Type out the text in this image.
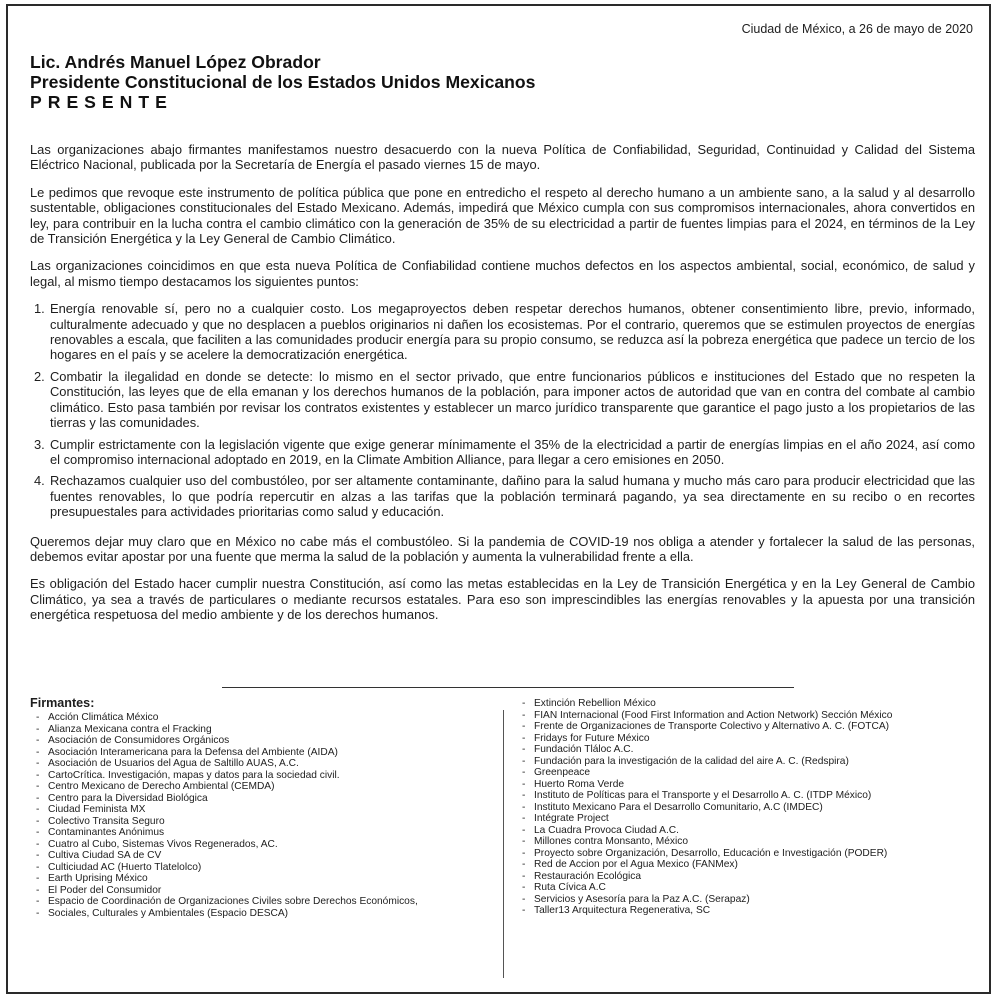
Ciudad de México, a 26 de mayo de 2020
Lic. Andrés Manuel López Obrador
Presidente Constitucional de los Estados Unidos Mexicanos
PRESENTE

Las organizaciones abajo firmantes manifestamos nuestro desacuerdo con la nueva Política de Confiabilidad, Seguridad, Continuidad y Calidad del Sistema Eléctrico Nacional, publicada por la Secretaría de Energía el pasado viernes 15 de mayo.

Le pedimos que revoque este instrumento de política pública que pone en entredicho el respeto al derecho humano a un ambiente sano, a la salud y al desarrollo sustentable, obligaciones constitucionales del Estado Mexicano. Además, impedirá que México cumpla con sus compromisos internacionales, ahora convertidos en ley, para contribuir en la lucha contra el cambio climático con la generación de 35% de su electricidad a partir de fuentes limpias para el 2024, en términos de la Ley de Transición Energética y la Ley General de Cambio Climático.

Las organizaciones coincidimos en que esta nueva Política de Confiabilidad contiene muchos defectos en los aspectos ambiental, social, económico, de salud y legal, al mismo tiempo destacamos los siguientes puntos:

1. Energía renovable sí, pero no a cualquier costo. Los megaproyectos deben respetar derechos humanos, obtener consentimiento libre, previo, informado, culturalmente adecuado y que no desplacen a pueblos originarios ni dañen los ecosistemas. Por el contrario, queremos que se estimulen proyectos de energías renovables a escala, que faciliten a las comunidades producir energía para su propio consumo, se reduzca así la pobreza energética que padece un tercio de los hogares en el país y se acelere la democratización energética.
2. Combatir la ilegalidad en donde se detecte: lo mismo en el sector privado, que entre funcionarios públicos e instituciones del Estado que no respeten la Constitución, las leyes que de ella emanan y los derechos humanos de la población, para imponer actos de autoridad que van en contra del combate al cambio climático. Esto pasa también por revisar los contratos existentes y establecer un marco jurídico transparente que garantice el pago justo a los propietarios de las tierras y las comunidades.
3. Cumplir estrictamente con la legislación vigente que exige generar mínimamente el 35% de la electricidad a partir de energías limpias en el año 2024, así como el compromiso internacional adoptado en 2019, en la Climate Ambition Alliance, para llegar a cero emisiones en 2050.
4. Rechazamos cualquier uso del combustóleo, por ser altamente contaminante, dañino para la salud humana y mucho más caro para producir electricidad que las fuentes renovables, lo que podría repercutir en alzas a las tarifas que la población terminará pagando, ya sea directamente en su recibo o en recortes presupuestales para actividades prioritarias como salud y educación.

Queremos dejar muy claro que en México no cabe más el combustóleo. Si la pandemia de COVID-19 nos obliga a atender y fortalecer la salud de las personas, debemos evitar apostar por una fuente que merma la salud de la población y aumenta la vulnerabilidad frente a ella.

Es obligación del Estado hacer cumplir nuestra Constitución, así como las metas establecidas en la Ley de Transición Energética y en la Ley General de Cambio Climático, ya sea a través de particulares o mediante recursos estatales. Para eso son imprescindibles las energías renovables y la apuesta por una transición energética respetuosa del medio ambiente y de los derechos humanos.

Firmantes:
- Acción Climática México
- Alianza Mexicana contra el Fracking
- Asociación de Consumidores Orgánicos
- Asociación Interamericana para la Defensa del Ambiente (AIDA)
- Asociación de Usuarios del Agua de Saltillo AUAS, A.C.
- CartoCrítica. Investigación, mapas y datos para la sociedad civil.
- Centro Mexicano de Derecho Ambiental (CEMDA)
- Centro para la Diversidad Biológica
- Ciudad Feminista MX
- Colectivo Transita Seguro
- Contaminantes Anónimus
- Cuatro al Cubo, Sistemas Vivos Regenerados, AC.
- Cultiva Ciudad SA de CV
- Culticiudad AC (Huerto Tlatelolco)
- Earth Uprising México
- El Poder del Consumidor
- Espacio de Coordinación de Organizaciones Civiles sobre Derechos Económicos,
- Sociales, Culturales y Ambientales (Espacio DESCA)
- Extinción Rebellion México
- FIAN Internacional (Food First Information and Action Network) Sección México
- Frente de Organizaciones de Transporte Colectivo y Alternativo A. C. (FOTCA)
- Fridays for Future México
- Fundación Tláloc A.C.
- Fundación para la investigación de la calidad del aire A. C. (Redspira)
- Greenpeace
- Huerto Roma Verde
- Instituto de Políticas para el Transporte y el Desarrollo A. C. (ITDP México)
- Instituto Mexicano Para el Desarrollo Comunitario, A.C (IMDEC)
- Intégrate Project
- La Cuadra Provoca Ciudad A.C.
- Millones contra Monsanto, México
- Proyecto sobre Organización, Desarrollo, Educación e Investigación (PODER)
- Red de Accion por el Agua Mexico (FANMex)
- Restauración Ecológica
- Ruta Cívica A.C
- Servicios y Asesoría para la Paz A.C. (Serapaz)
- Taller13 Arquitectura Regenerativa, SC
